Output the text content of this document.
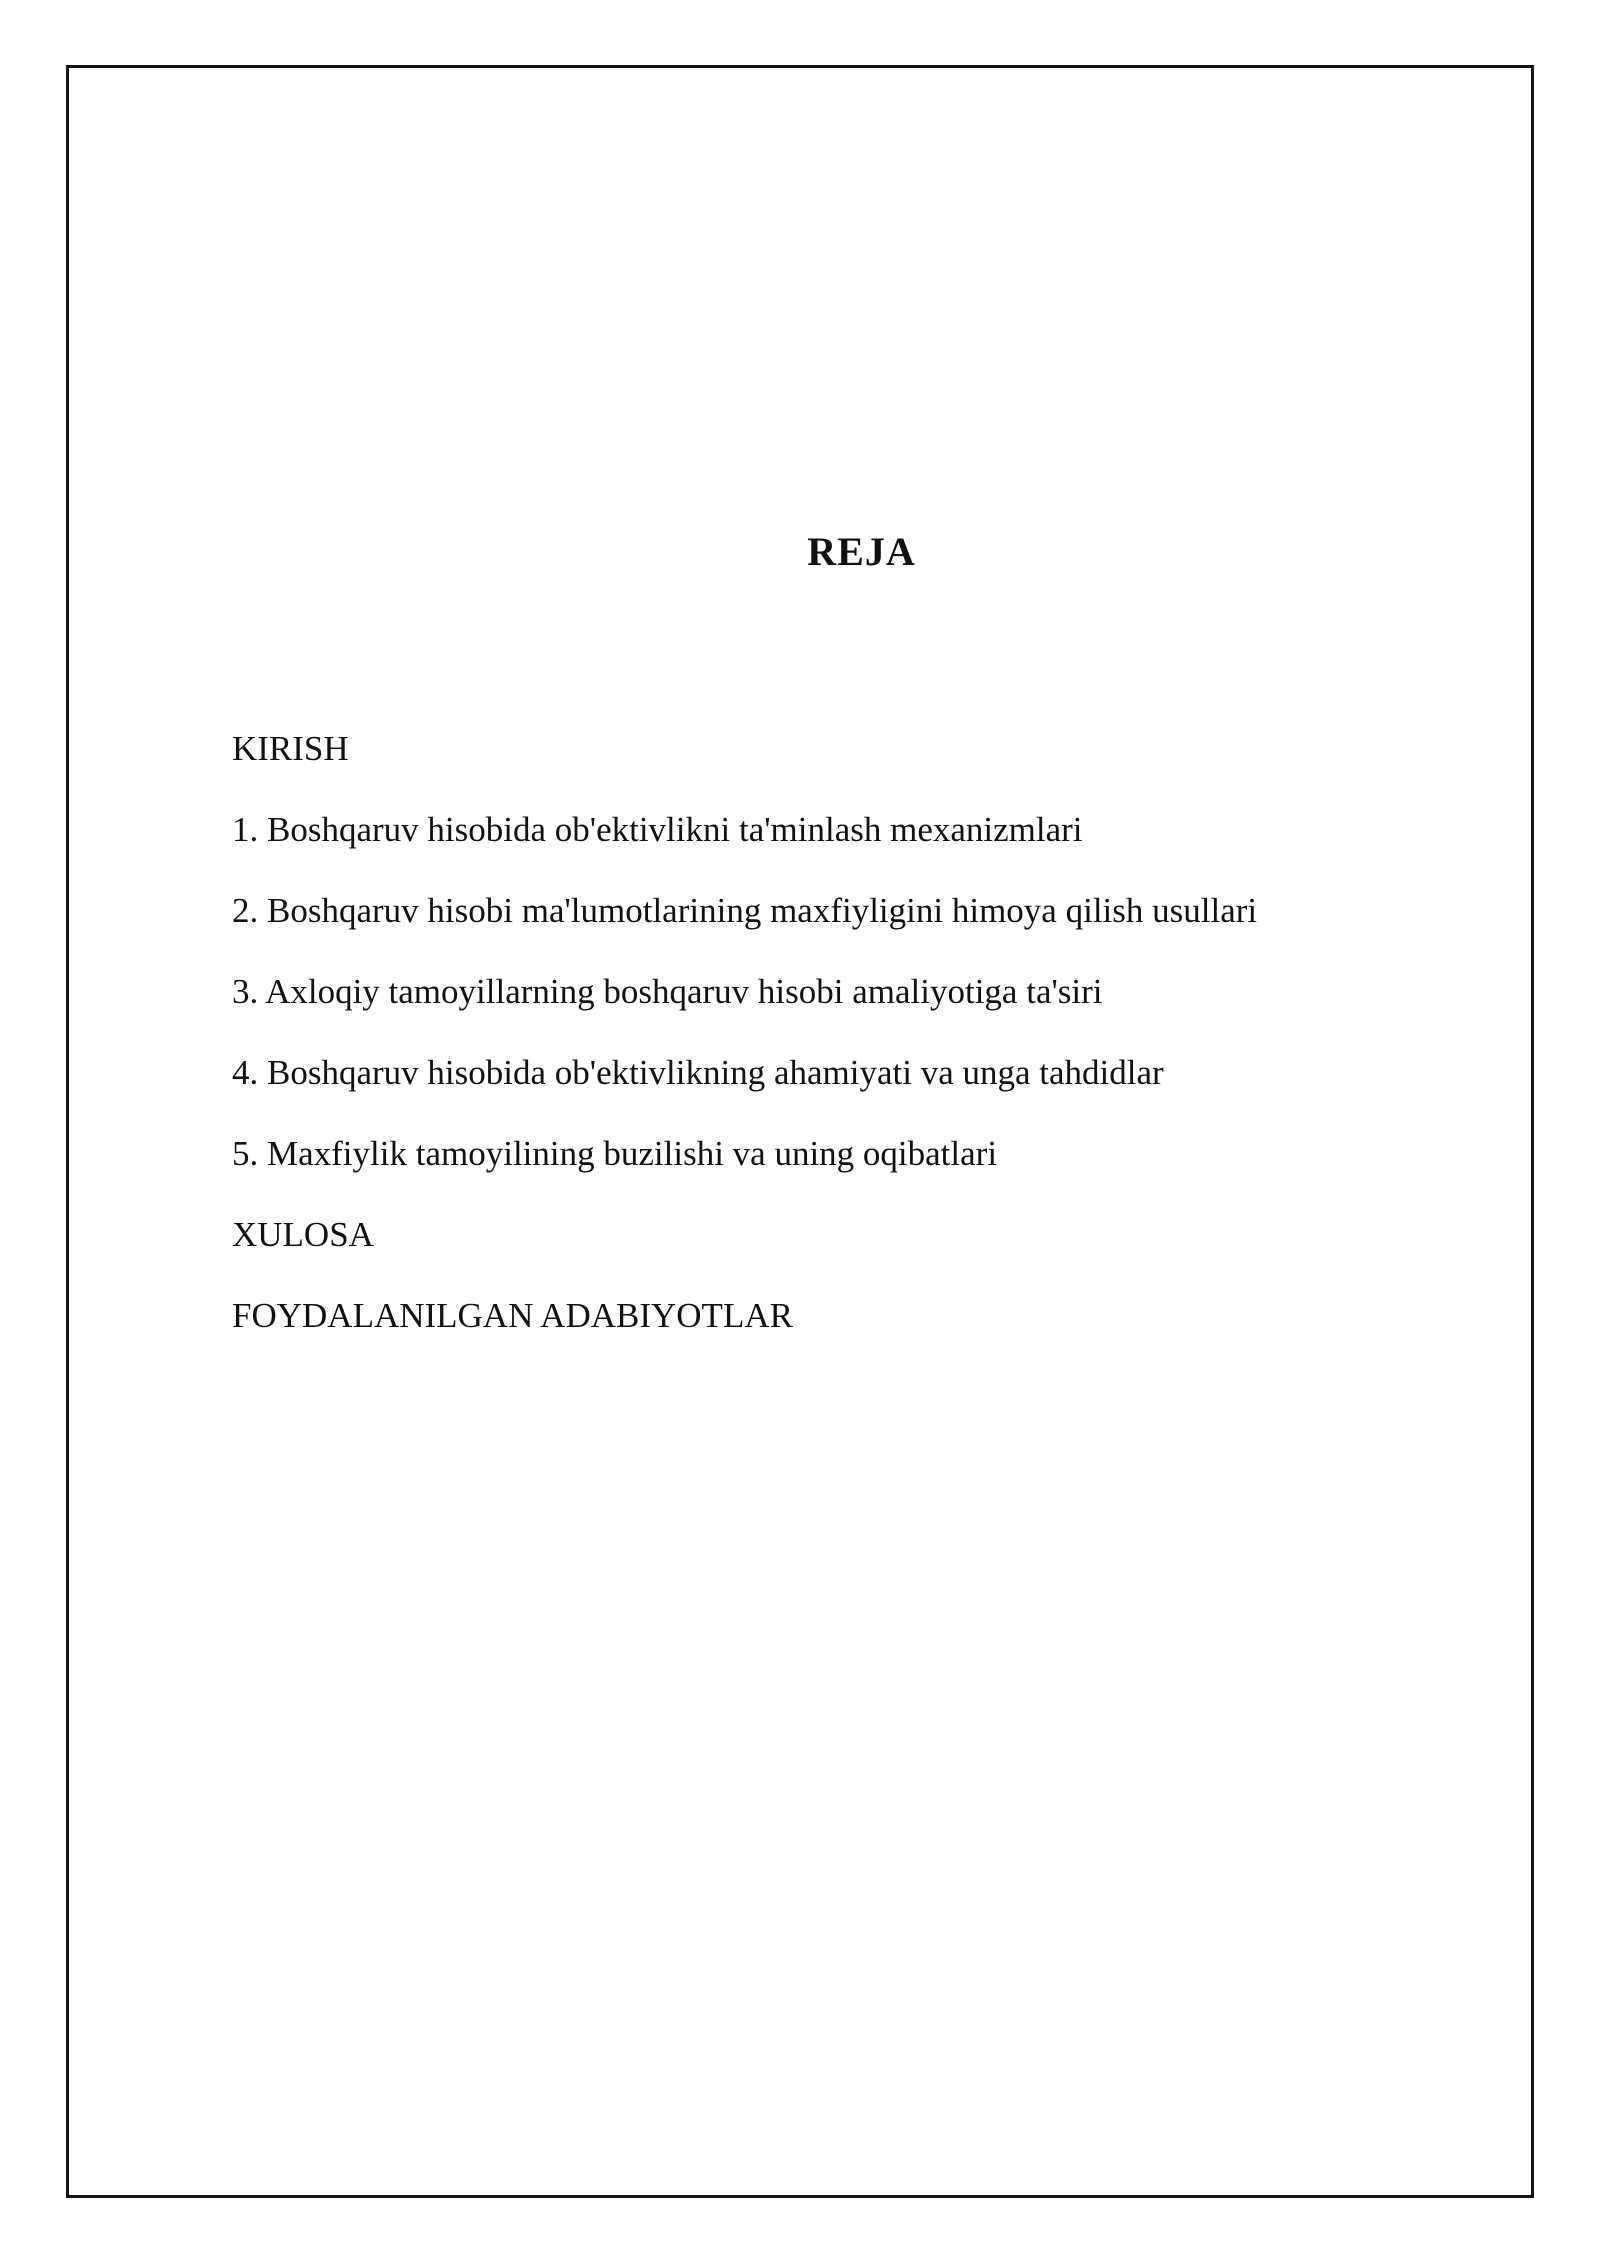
REJA
KIRISH
1. Boshqaruv hisobida ob'ektivlikni ta'minlash mexanizmlari
2. Boshqaruv hisobi ma'lumotlarining maxfiyligini himoya qilish usullari
3. Axloqiy tamoyillarning boshqaruv hisobi amaliyotiga ta'siri
4. Boshqaruv hisobida ob'ektivlikning ahamiyati va unga tahdidlar
5. Maxfiylik tamoyilining buzilishi va uning oqibatlari
XULOSA
FOYDALANILGAN ADABIYOTLAR
